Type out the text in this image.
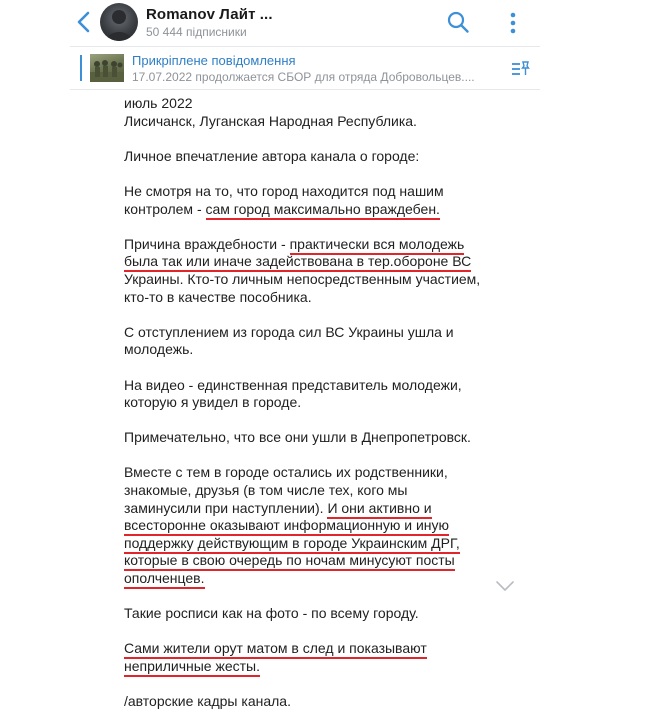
Romanov Лайт ...
50 444 підписники
Прикріплене повідомлення
17.07.2022 продолжается СБОР для отряда Добровольцев....

июль 2022
Лисичанск, Луганская Народная Республика.

Личное впечатление автора канала о городе:

Не смотря на то, что город находится под нашим контролем - сам город максимально враждебен.

Причина враждебности - практически вся молодежь была так или иначе задействована в тер.обороне ВС Украины. Кто-то личным непосредственным участием, кто-то в качестве пособника.

С отступлением из города сил ВС Украины ушла и молодежь.

На видео - единственная представитель молодежи, которую я увидел в городе.

Примечательно, что все они ушли в Днепропетровск.

Вместе с тем в городе остались их родственники, знакомые, друзья (в том числе тех, кого мы заминусили при наступлении). И они активно и всесторонне оказывают информационную и иную поддержку действующим в городе Украинским ДРГ, которые в свою очередь по ночам минусуют посты ополченцев.

Такие росписи как на фото - по всему городу.

Сами жители орут матом в след и показывают неприличные жесты.

/авторские кадры канала.
